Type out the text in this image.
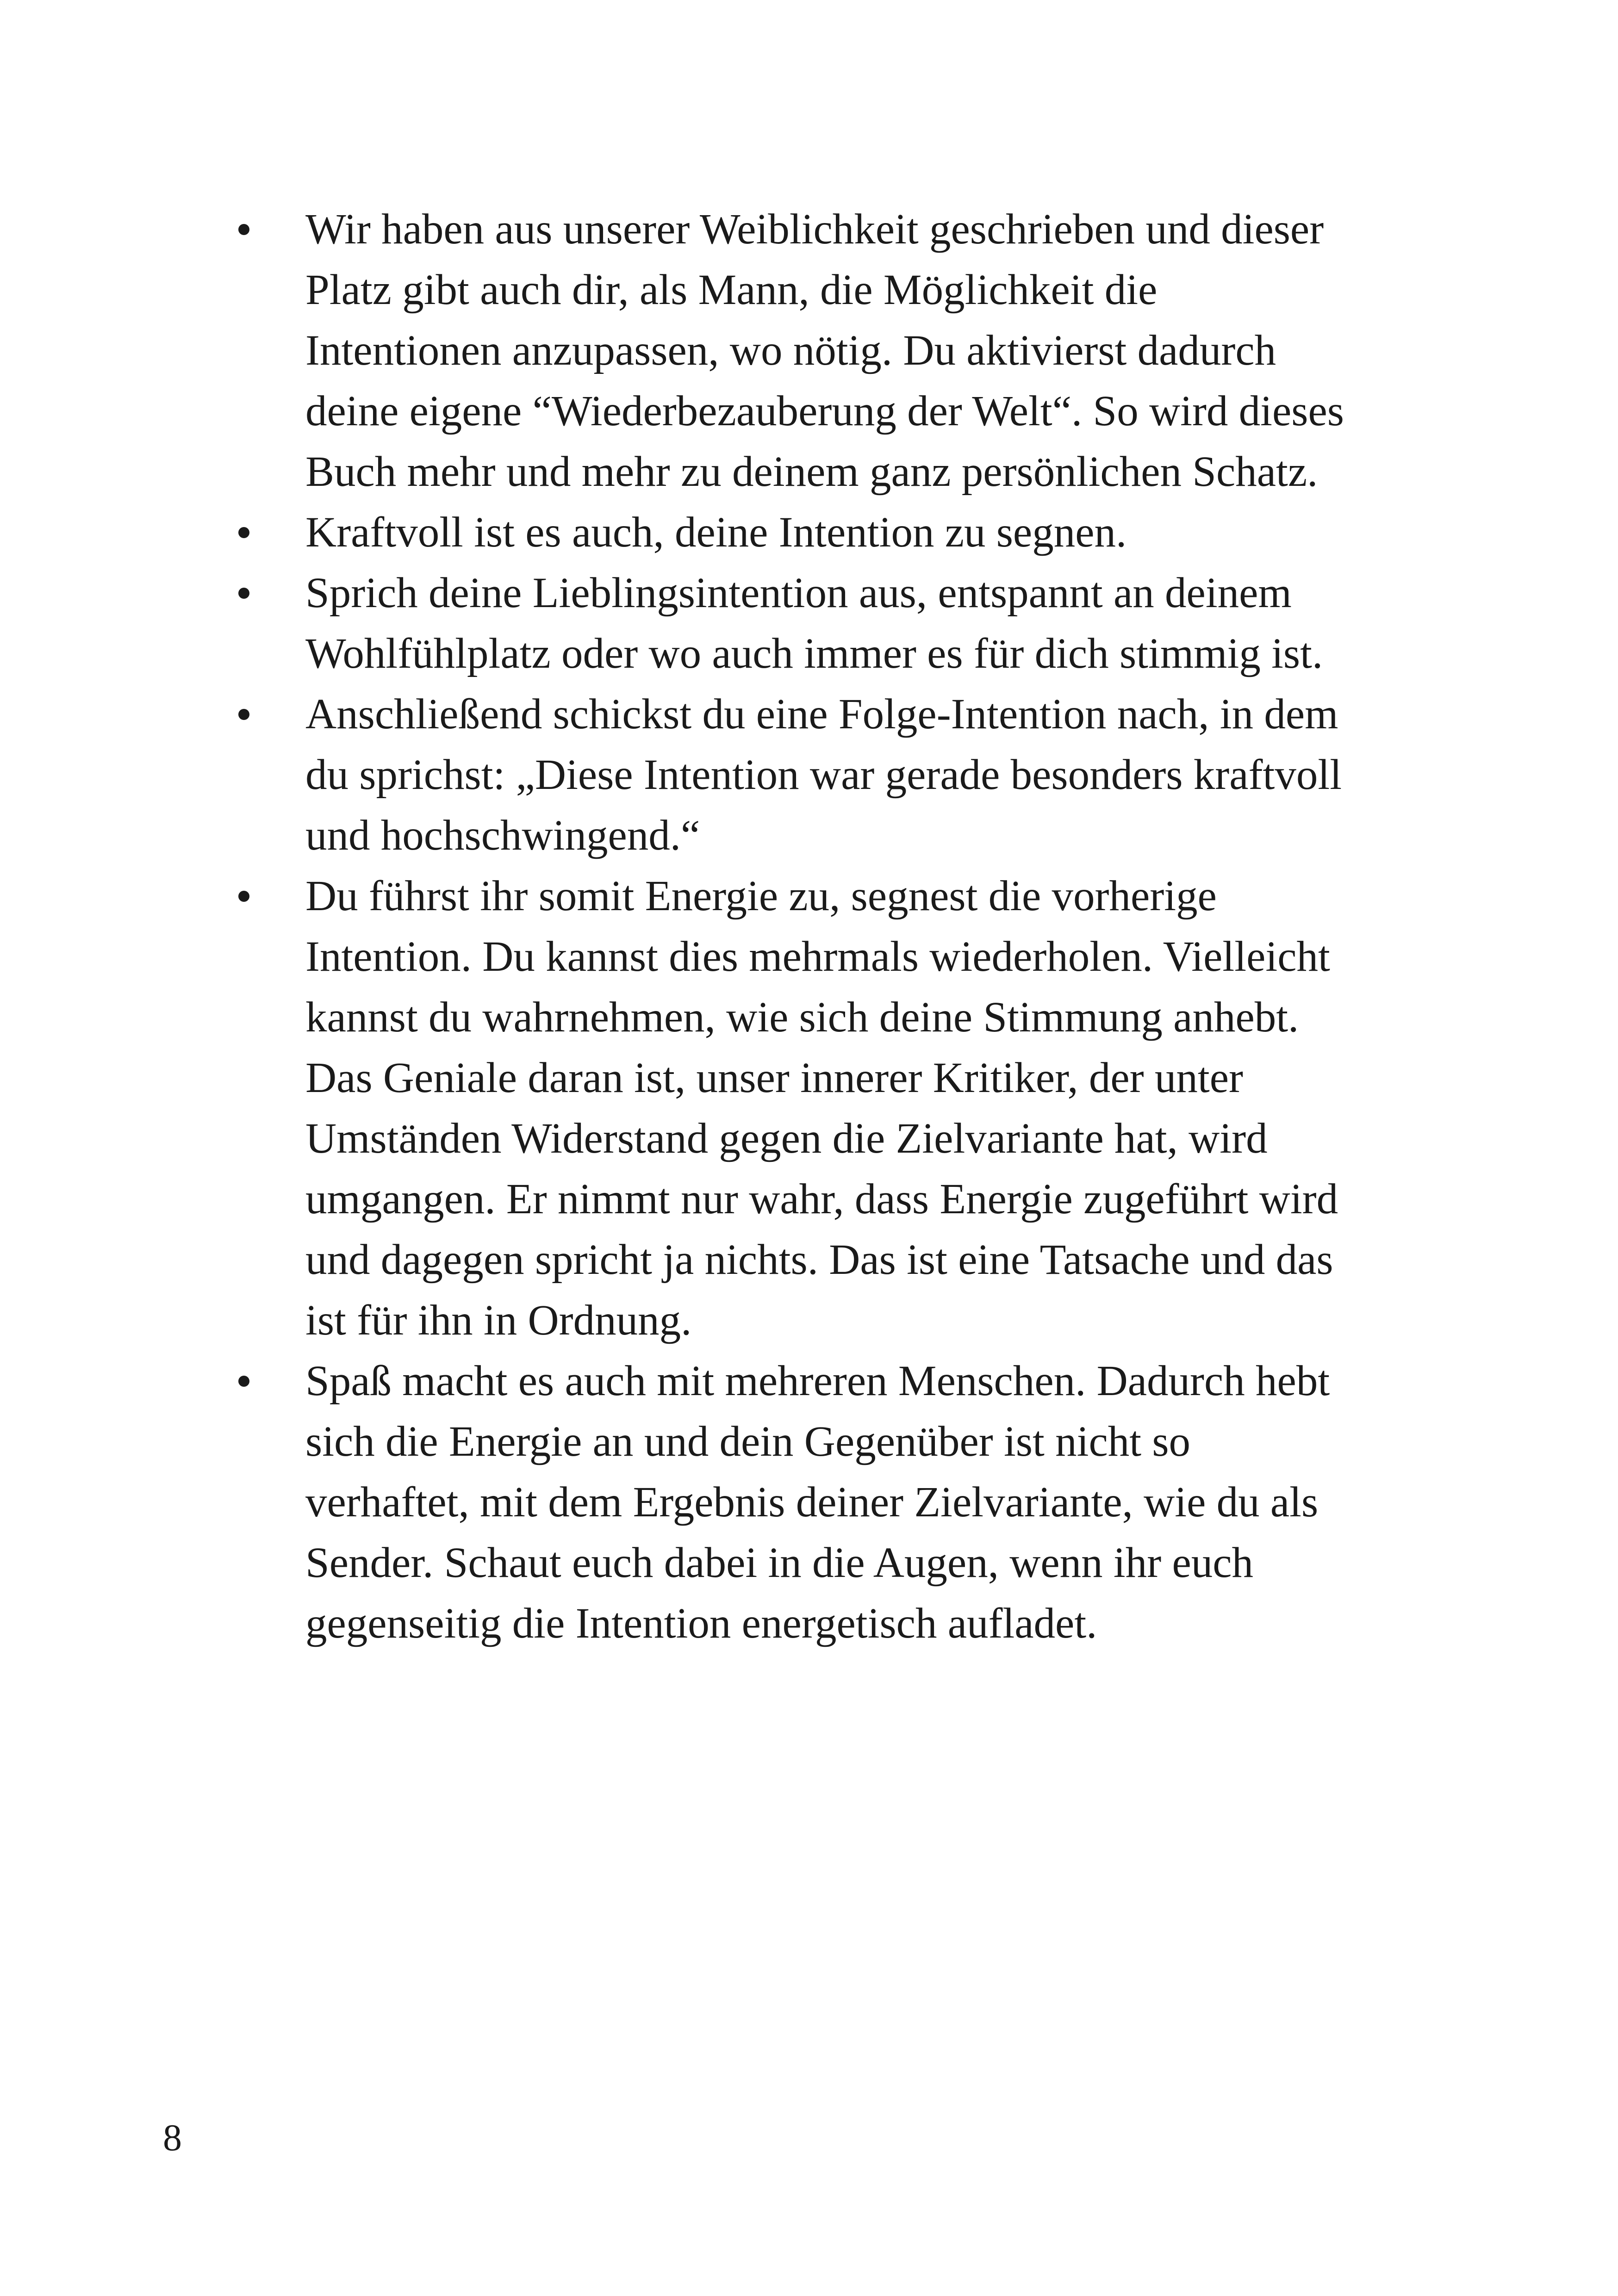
Wir haben aus unserer Weiblichkeit geschrieben und dieser Platz gibt auch dir, als Mann, die Möglichkeit die Intentionen anzupassen, wo nötig. Du aktivierst dadurch deine eigene “Wiederbezauberung der Welt“. So wird dieses Buch mehr und mehr zu deinem ganz persönlichen Schatz.
Kraftvoll ist es auch, deine Intention zu segnen.
Sprich deine Lieblingsintention aus, entspannt an deinem Wohlfühlplatz oder wo auch immer es für dich stimmig ist.
Anschließend schickst du eine Folge-Intention nach, in dem du sprichst: „Diese Intention war gerade besonders kraftvoll und hochschwingend.“
Du führst ihr somit Energie zu, segnest die vorherige Intention. Du kannst dies mehrmals wiederholen. Vielleicht kannst du wahrnehmen, wie sich deine Stimmung anhebt. Das Geniale daran ist, unser innerer Kritiker, der unter Umständen Widerstand gegen die Zielvariante hat, wird umgangen. Er nimmt nur wahr, dass Energie zugeführt wird und dagegen spricht ja nichts. Das ist eine Tatsache und das ist für ihn in Ordnung.
Spaß macht es auch mit mehreren Menschen. Dadurch hebt sich die Energie an und dein Gegenüber ist nicht so verhaftet, mit dem Ergebnis deiner Zielvariante, wie du als Sender. Schaut euch dabei in die Augen, wenn ihr euch gegenseitig die Intention energetisch aufladet.
8
